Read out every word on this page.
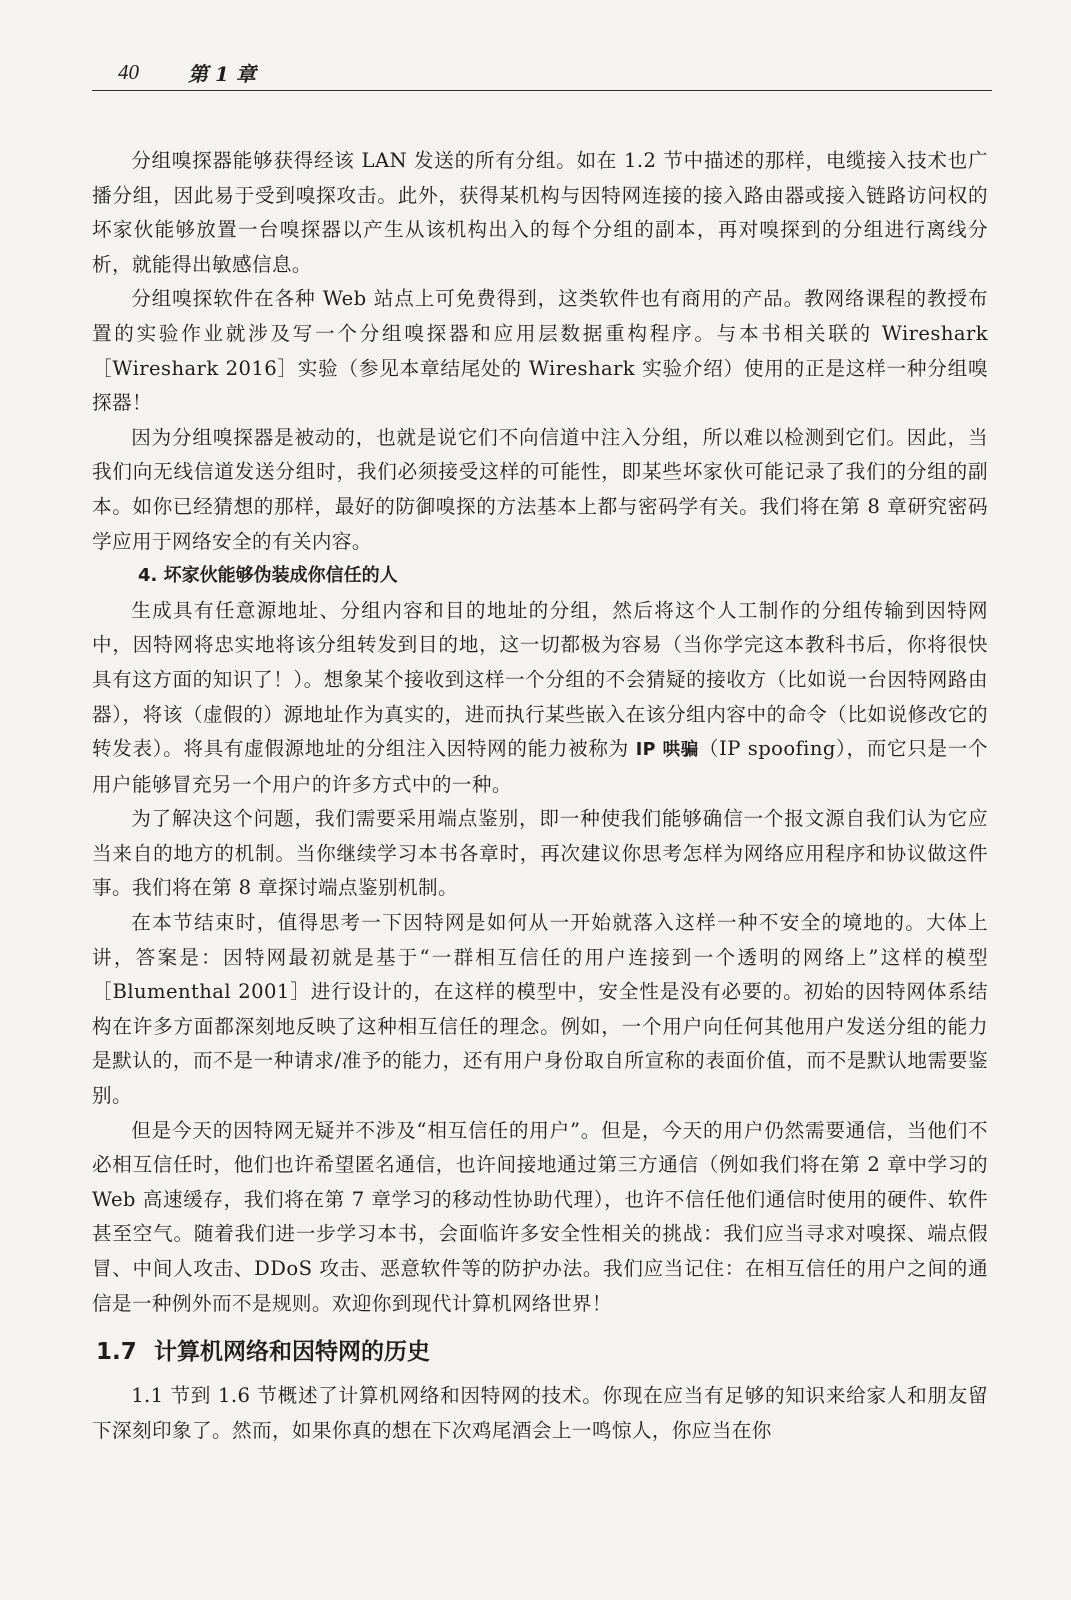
40 第 1 章

分组嗅探器能够获得经该 LAN 发送的所有分组。如在 1.2 节中描述的那样，电缆接入技术也广播分组，因此易于受到嗅探攻击。此外，获得某机构与因特网连接的接入路由器或接入链路访问权的坏家伙能够放置一台嗅探器以产生从该机构出入的每个分组的副本，再对嗅探到的分组进行离线分析，就能得出敏感信息。

分组嗅探软件在各种 Web 站点上可免费得到，这类软件也有商用的产品。教网络课程的教授布置的实验作业就涉及写一个分组嗅探器和应用层数据重构程序。与本书相关联的 Wireshark ［Wireshark 2016］实验（参见本章结尾处的 Wireshark 实验介绍）使用的正是这样一种分组嗅探器！

因为分组嗅探器是被动的，也就是说它们不向信道中注入分组，所以难以检测到它们。因此，当我们向无线信道发送分组时，我们必须接受这样的可能性，即某些坏家伙可能记录了我们的分组的副本。如你已经猜想的那样，最好的防御嗅探的方法基本上都与密码学有关。我们将在第 8 章研究密码学应用于网络安全的有关内容。

4. 坏家伙能够伪装成你信任的人

生成具有任意源地址、分组内容和目的地址的分组，然后将这个人工制作的分组传输到因特网中，因特网将忠实地将该分组转发到目的地，这一切都极为容易（当你学完这本教科书后，你将很快具有这方面的知识了！）。想象某个接收到这样一个分组的不会猜疑的接收方（比如说一台因特网路由器），将该（虚假的）源地址作为真实的，进而执行某些嵌入在该分组内容中的命令（比如说修改它的转发表）。将具有虚假源地址的分组注入因特网的能力被称为 IP 哄骗（IP spoofing），而它只是一个用户能够冒充另一个用户的许多方式中的一种。

为了解决这个问题，我们需要采用端点鉴别，即一种使我们能够确信一个报文源自我们认为它应当来自的地方的机制。当你继续学习本书各章时，再次建议你思考怎样为网络应用程序和协议做这件事。我们将在第 8 章探讨端点鉴别机制。

在本节结束时，值得思考一下因特网是如何从一开始就落入这样一种不安全的境地的。大体上讲，答案是：因特网最初就是基于“一群相互信任的用户连接到一个透明的网络上”这样的模型［Blumenthal 2001］进行设计的，在这样的模型中，安全性是没有必要的。初始的因特网体系结构在许多方面都深刻地反映了这种相互信任的理念。例如，一个用户向任何其他用户发送分组的能力是默认的，而不是一种请求/准予的能力，还有用户身份取自所宣称的表面价值，而不是默认地需要鉴别。

但是今天的因特网无疑并不涉及“相互信任的用户”。但是，今天的用户仍然需要通信，当他们不必相互信任时，他们也许希望匿名通信，也许间接地通过第三方通信（例如我们将在第 2 章中学习的 Web 高速缓存，我们将在第 7 章学习的移动性协助代理），也许不信任他们通信时使用的硬件、软件甚至空气。随着我们进一步学习本书，会面临许多安全性相关的挑战：我们应当寻求对嗅探、端点假冒、中间人攻击、DDoS 攻击、恶意软件等的防护办法。我们应当记住：在相互信任的用户之间的通信是一种例外而不是规则。欢迎你到现代计算机网络世界！

1.7 计算机网络和因特网的历史

1.1 节到 1.6 节概述了计算机网络和因特网的技术。你现在应当有足够的知识来给家人和朋友留下深刻印象了。然而，如果你真的想在下次鸡尾酒会上一鸣惊人，你应当在你
